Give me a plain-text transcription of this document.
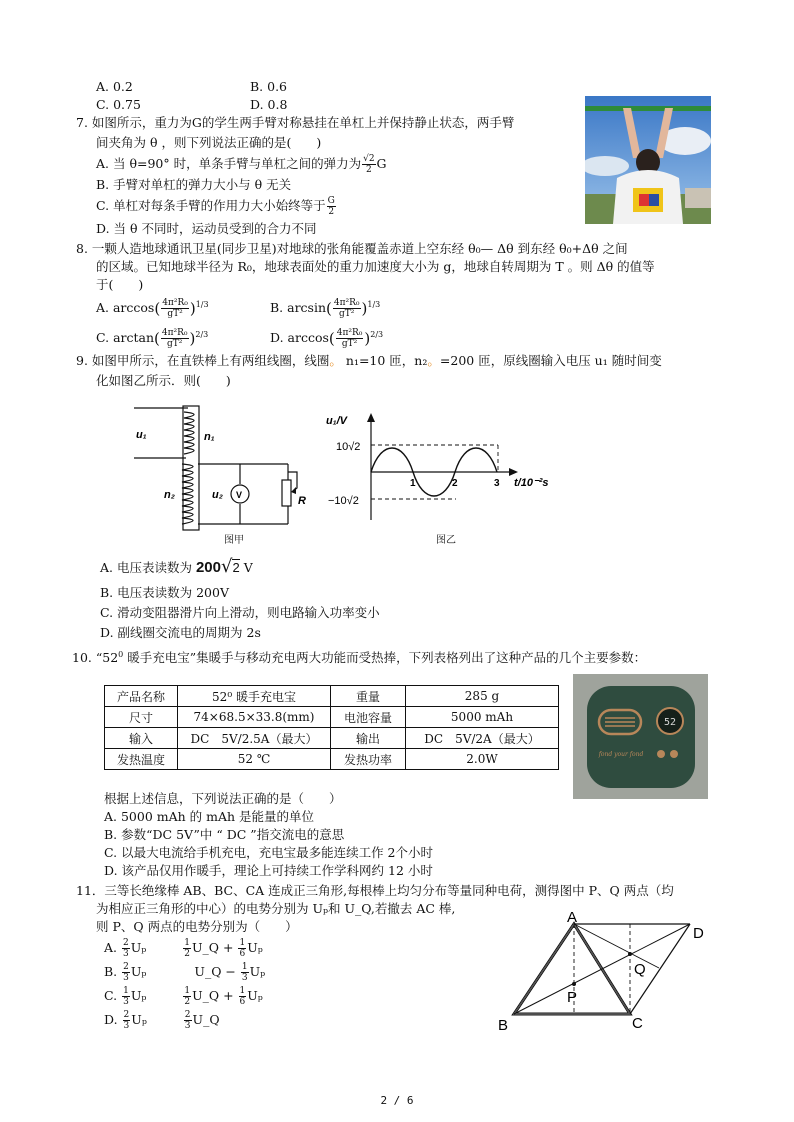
A. 0.2	B. 0.6
C. 0.75	D. 0.8
7. 如图所示，重力为G的学生两手臂对称悬挂在单杠上并保持静止状态，两手臂
间夹角为 θ ，则下列说法正确的是(　　)
A. 当 θ=90° 时，单条手臂与单杠之间的弹力为 $\frac{√2}{2}$ G
B. 手臂对单杠的弹力大小与 θ 无关
C. 单杠对每条手臂的作用力大小始终等于 $\frac{G}{2}$
D. 当 θ 不同时，运动员受到的合力不同
8. 一颗人造地球通讯卫星(同步卫星)对地球的张角能覆盖赤道上空东经 θ₀— Δθ 到东经 θ₀+Δθ 之间
的区域。已知地球半径为 R₀，地球表面处的重力加速度大小为 g，地球自转周期为 T 。则 Δθ 的值等
于(　　)
A. $\arccos( \frac{\text{4π²R₀}}{\text{gT²}} )^{1/3}$	B. $\arcsin( \frac{\text{4π²R₀}}{\text{gT²}} )^{1/3}$
C. $\arctan( \frac{\text{4π²R₀}}{\text{gT²}} )^{2/3}$	D. $\arccos( \frac{\text{4π²R₀}}{\text{gT²}} )^{2/3}$
9. 如图甲所示，在直铁棒上有两组线圈，线圈。 n₁=10 匝，n₂。=200 匝，原线圈输入电压 u₁ 随时间变
化如图乙所示．则(　　)
u₁	n₁
n₂	u₂ V	R
图甲
u₁/V
10√2
−10√2
1	2	3 t/10⁻²s
图乙
A. 电压表读数为 200√2 V
B. 电压表读数为 200V
C. 滑动变阻器滑片向上滑动，则电路输入功率变小
D. 副线圈交流电的周期为 2s
10. “$52^0$ 暖手充电宝”集暖手与移动充电两大功能而受热捧，下列表格列出了这种产品的几个主要参数：
产品名称	52⁰ 暖手充电宝	重量	285 g
尺寸	74×68.5×33.8(mm)	电池容量	5000 mAh
输入	DC　5V/2.5A（最大）	输出	DC　5V/2A（最大）
发热温度	52 ℃	发热功率	2.0W
52
fond your fond
根据上述信息，下列说法正确的是（　　）
A. 5000 mAh 的 mAh 是能量的单位
B. 参数“DC 5V”中 “ DC ”指交流电的意思
C. 以最大电流给手机充电，充电宝最多能连续工作 2个小时
D. 该产品仅用作暖手，理论上可持续工作学科网约 12 小时
11．三等长绝缘棒 AB、BC、CA 连成正三角形,每根棒上均匀分布等量同种电荷，测得图中 P、Q 两点（均
为相应正三角形的中心）的电势分别为 Uₚ和 U_Q,若撤去 AC 棒,
则 P、Q 两点的电势分别为（　　）
A. $\frac{2}{3}$ Uₚ	$\frac{1}{2}$ U_Q + $\frac{1}{6}$ Uₚ
B. $\frac{2}{3}$ Uₚ	U_Q − $\frac{1}{3}$ Uₚ
C. $\frac{1}{3}$ Uₚ	$\frac{1}{2}$ U_Q + $\frac{1}{6}$ Uₚ
D. $\frac{2}{3}$ Uₚ	$\frac{2}{3}$ U_Q
A
B	C
D
P
Q
2 / 6
